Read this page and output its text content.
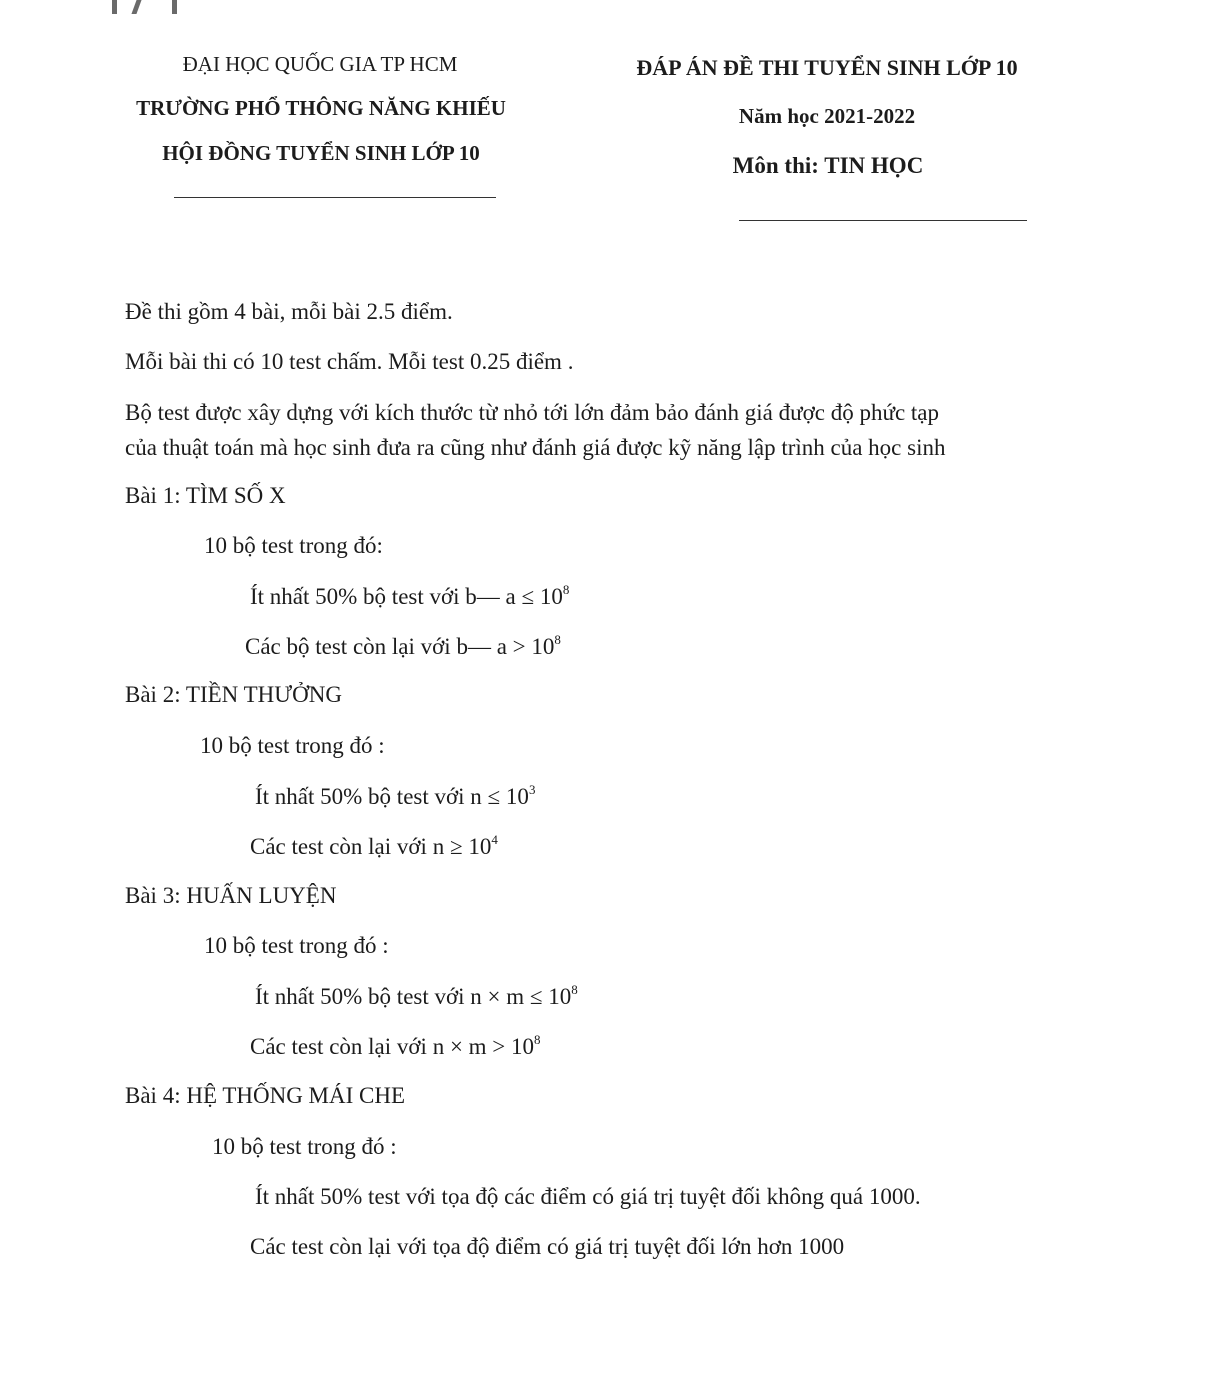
ĐẠI HỌC QUỐC GIA TP HCM
TRƯỜNG PHỔ THÔNG NĂNG KHIẾU
HỘI ĐỒNG TUYỂN SINH LỚP 10
ĐÁP ÁN ĐỀ THI TUYỂN SINH LỚP 10
Năm học 2021-2022
Môn thi: TIN HỌC
Đề thi gồm 4 bài, mỗi bài 2.5 điểm.
Mỗi bài thi có 10 test chấm. Mỗi test 0.25 điểm .
Bộ test được xây dựng với kích thước từ nhỏ tới lớn đảm bảo đánh giá được độ phức tạp
của thuật toán mà học sinh đưa ra cũng như đánh giá được kỹ năng lập trình của học sinh
Bài 1: TÌM SỐ X
10 bộ test trong đó:
Ít nhất 50% bộ test với b— $a \le 10^8$
Các bộ test còn lại với b— $a > 10^8$
Bài 2: TIỀN THƯỞNG
10 bộ test trong đó :
Ít nhất 50% bộ test với $n \le 10^3$
Các test còn lại với $n \ge 10^4$
Bài 3: HUẤN LUYỆN
10 bộ test trong đó :
Ít nhất 50% bộ test với $n \times m \le 10^8$
Các test còn lại với $n \times m > 10^8$
Bài 4: HỆ THỐNG MÁI CHE
10 bộ test trong đó :
Ít nhất 50% test với tọa độ các điểm có giá trị tuyệt đối không quá 1000.
Các test còn lại với tọa độ điểm có giá trị tuyệt đối lớn hơn 1000
